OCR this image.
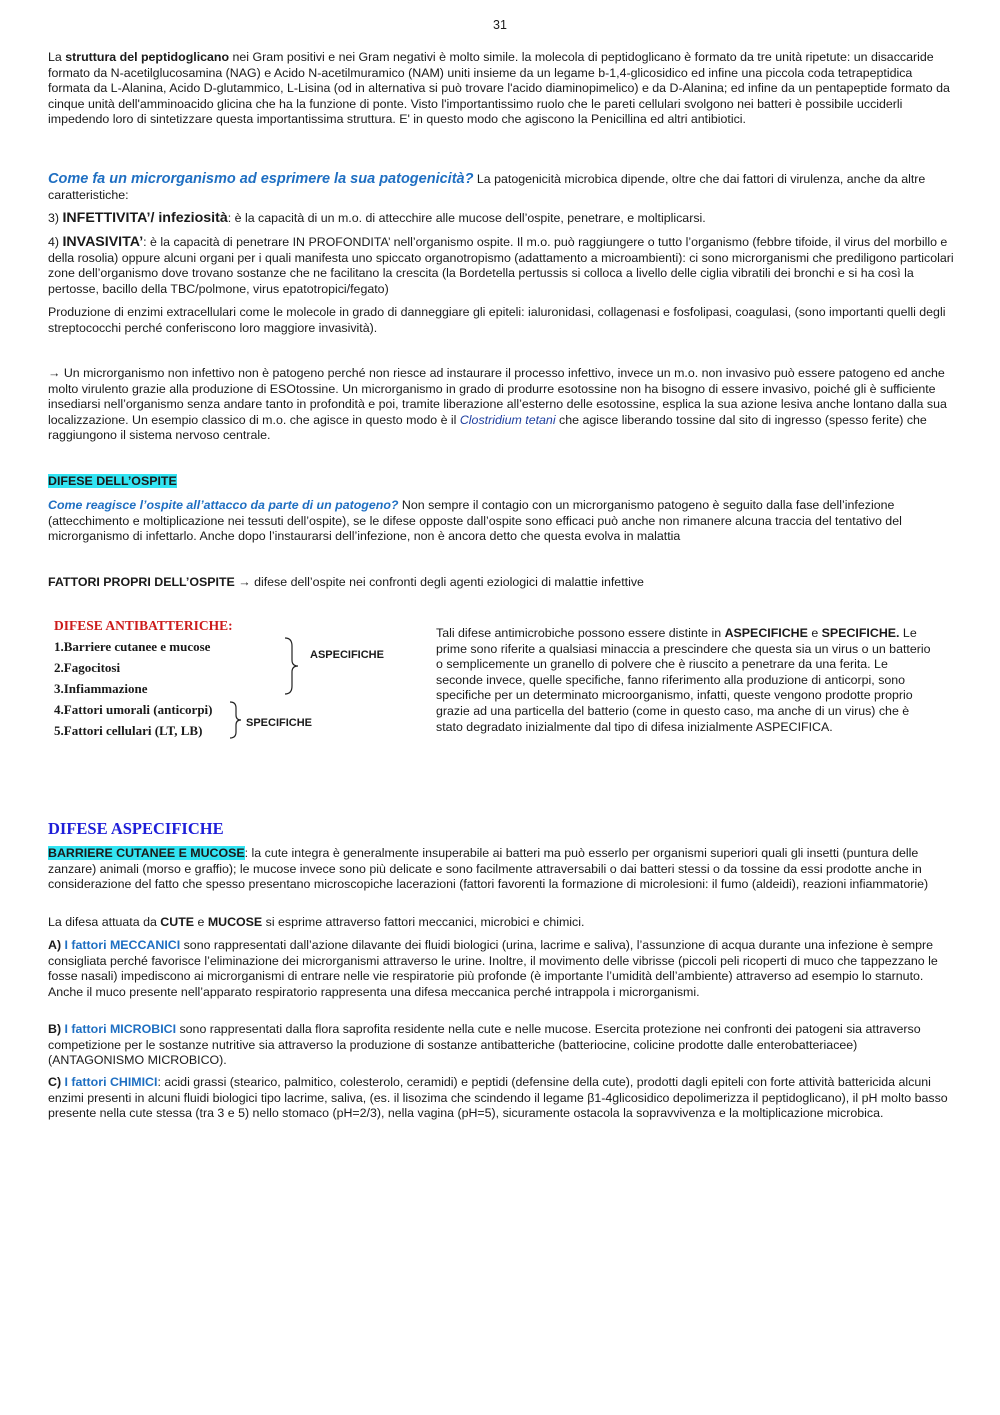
31

La struttura del peptidoglicano nei Gram positivi e nei Gram negativi è molto simile. la molecola di peptidoglicano è formato da tre unità ripetute: un disaccaride formato da N-acetilglucosamina (NAG) e Acido N-acetilmuramico (NAM) uniti insieme da un legame b-1,4-glicosidico ed infine una piccola coda tetrapeptidica formata da L-Alanina, Acido D-glutammico, L-Lisina (od in alternativa si può trovare l'acido diaminopimelico) e da D-Alanina; ed infine da un pentapeptide formato da cinque unità dell'amminoacido glicina che ha la funzione di ponte. Visto l'importantissimo ruolo che le pareti cellulari svolgono nei batteri è possibile ucciderli impedendo loro di sintetizzare questa importantissima struttura. E' in questo modo che agiscono la Penicillina ed altri antibiotici.

Come fa un microrganismo ad esprimere la sua patogenicità? La patogenicità microbica dipende, oltre che dai fattori di virulenza, anche da altre caratteristiche:

3) INFETTIVITA’/ infeziosità: è la capacità di un m.o. di attecchire alle mucose dell’ospite, penetrare, e moltiplicarsi.

4) INVASIVITA’: è la capacità di penetrare IN PROFONDITA’ nell’organismo ospite. Il m.o. può raggiungere o tutto l’organismo (febbre tifoide, il virus del morbillo e della rosolia) oppure alcuni organi per i quali manifesta uno spiccato organotropismo (adattamento a microambienti): ci sono microrganismi che prediligono particolari zone dell’organismo dove trovano sostanze che ne facilitano la crescita (la Bordetella pertussis si colloca a livello delle ciglia vibratili dei bronchi e si ha così la pertosse, bacillo della TBC/polmone, virus epatotropici/fegato)

Produzione di enzimi extracellulari come le molecole in grado di danneggiare gli epiteli: ialuronidasi, collagenasi e fosfolipasi, coagulasi, (sono importanti quelli degli streptococchi perché conferiscono loro maggiore invasività).

→ Un microrganismo non infettivo non è patogeno perché non riesce ad instaurare il processo infettivo, invece un m.o. non invasivo può essere patogeno ed anche molto virulento grazie alla produzione di ESOtossine. Un microrganismo in grado di produrre esotossine non ha bisogno di essere invasivo, poiché gli è sufficiente insediarsi nell’organismo senza andare tanto in profondità e poi, tramite liberazione all’esterno delle esotossine, esplica la sua azione lesiva anche lontano dalla sua localizzazione. Un esempio classico di m.o. che agisce in questo modo è il Clostridium tetani che agisce liberando tossine dal sito di ingresso (spesso ferite) che raggiungono il sistema nervoso centrale.

DIFESE DELL’OSPITE

Come reagisce l’ospite all’attacco da parte di un patogeno? Non sempre il contagio con un microrganismo patogeno è seguito dalla fase dell’infezione (attecchimento e moltiplicazione nei tessuti dell’ospite), se le difese opposte dall’ospite sono efficaci può anche non rimanere alcuna traccia del tentativo del microrganismo di infettarlo. Anche dopo l’instaurarsi dell’infezione, non è ancora detto che questa evolva in malattia

FATTORI PROPRI DELL’OSPITE → difese dell’ospite nei confronti degli agenti eziologici di malattie infettive

DIFESE ANTIBATTERICHE:
1.Barriere cutanee e mucose
2.Fagocitosi
3.Infiammazione
4.Fattori umorali (anticorpi)
5.Fattori cellulari (LT, LB)
ASPECIFICHE
SPECIFICHE

Tali difese antimicrobiche possono essere distinte in ASPECIFICHE e SPECIFICHE. Le prime sono riferite a qualsiasi minaccia a prescindere che questa sia un virus o un batterio o semplicemente un granello di polvere che è riuscito a penetrare da una ferita. Le seconde invece, quelle specifiche, fanno riferimento alla produzione di anticorpi, sono specifiche per un determinato microorganismo, infatti, queste vengono prodotte proprio grazie ad una particella del batterio (come in questo caso, ma anche di un virus) che è stato degradato inizialmente dal tipo di difesa inizialmente ASPECIFICA.

DIFESE ASPECIFICHE

BARRIERE CUTANEE E MUCOSE: la cute integra è generalmente insuperabile ai batteri ma può esserlo per organismi superiori quali gli insetti (puntura delle zanzare) animali (morso e graffio); le mucose invece sono più delicate e sono facilmente attraversabili o dai batteri stessi o da tossine da essi prodotte anche in considerazione del fatto che spesso presentano microscopiche lacerazioni (fattori favorenti la formazione di microlesioni: il fumo (aldeidi), reazioni infiammatorie)

La difesa attuata da CUTE e MUCOSE si esprime attraverso fattori meccanici, microbici e chimici.

A) I fattori MECCANICI sono rappresentati dall’azione dilavante dei fluidi biologici (urina, lacrime e saliva), l’assunzione di acqua durante una infezione è sempre consigliata perché favorisce l’eliminazione dei microrganismi attraverso le urine. Inoltre, il movimento delle vibrisse (piccoli peli ricoperti di muco che tappezzano le fosse nasali) impediscono ai microrganismi di entrare nelle vie respiratorie più profonde (è importante l’umidità dell’ambiente) attraverso ad esempio lo starnuto. Anche il muco presente nell’apparato respiratorio rappresenta una difesa meccanica perché intrappola i microrganismi.

B) I fattori MICROBICI sono rappresentati dalla flora saprofita residente nella cute e nelle mucose. Esercita protezione nei confronti dei patogeni sia attraverso competizione per le sostanze nutritive sia attraverso la produzione di sostanze antibatteriche (batteriocine, colicine prodotte dalle enterobatteriacee) (ANTAGONISMO MICROBICO).

C) I fattori CHIMICI: acidi grassi (stearico, palmitico, colesterolo, ceramidi) e peptidi (defensine della cute), prodotti dagli epiteli con forte attività battericida alcuni enzimi presenti in alcuni fluidi biologici tipo lacrime, saliva, (es. il lisozima che scindendo il legame β1-4glicosidico depolimerizza il peptidoglicano), il pH molto basso presente nella cute stessa (tra 3 e 5) nello stomaco (pH=2/3), nella vagina (pH=5), sicuramente ostacola la sopravvivenza e la moltiplicazione microbica.
